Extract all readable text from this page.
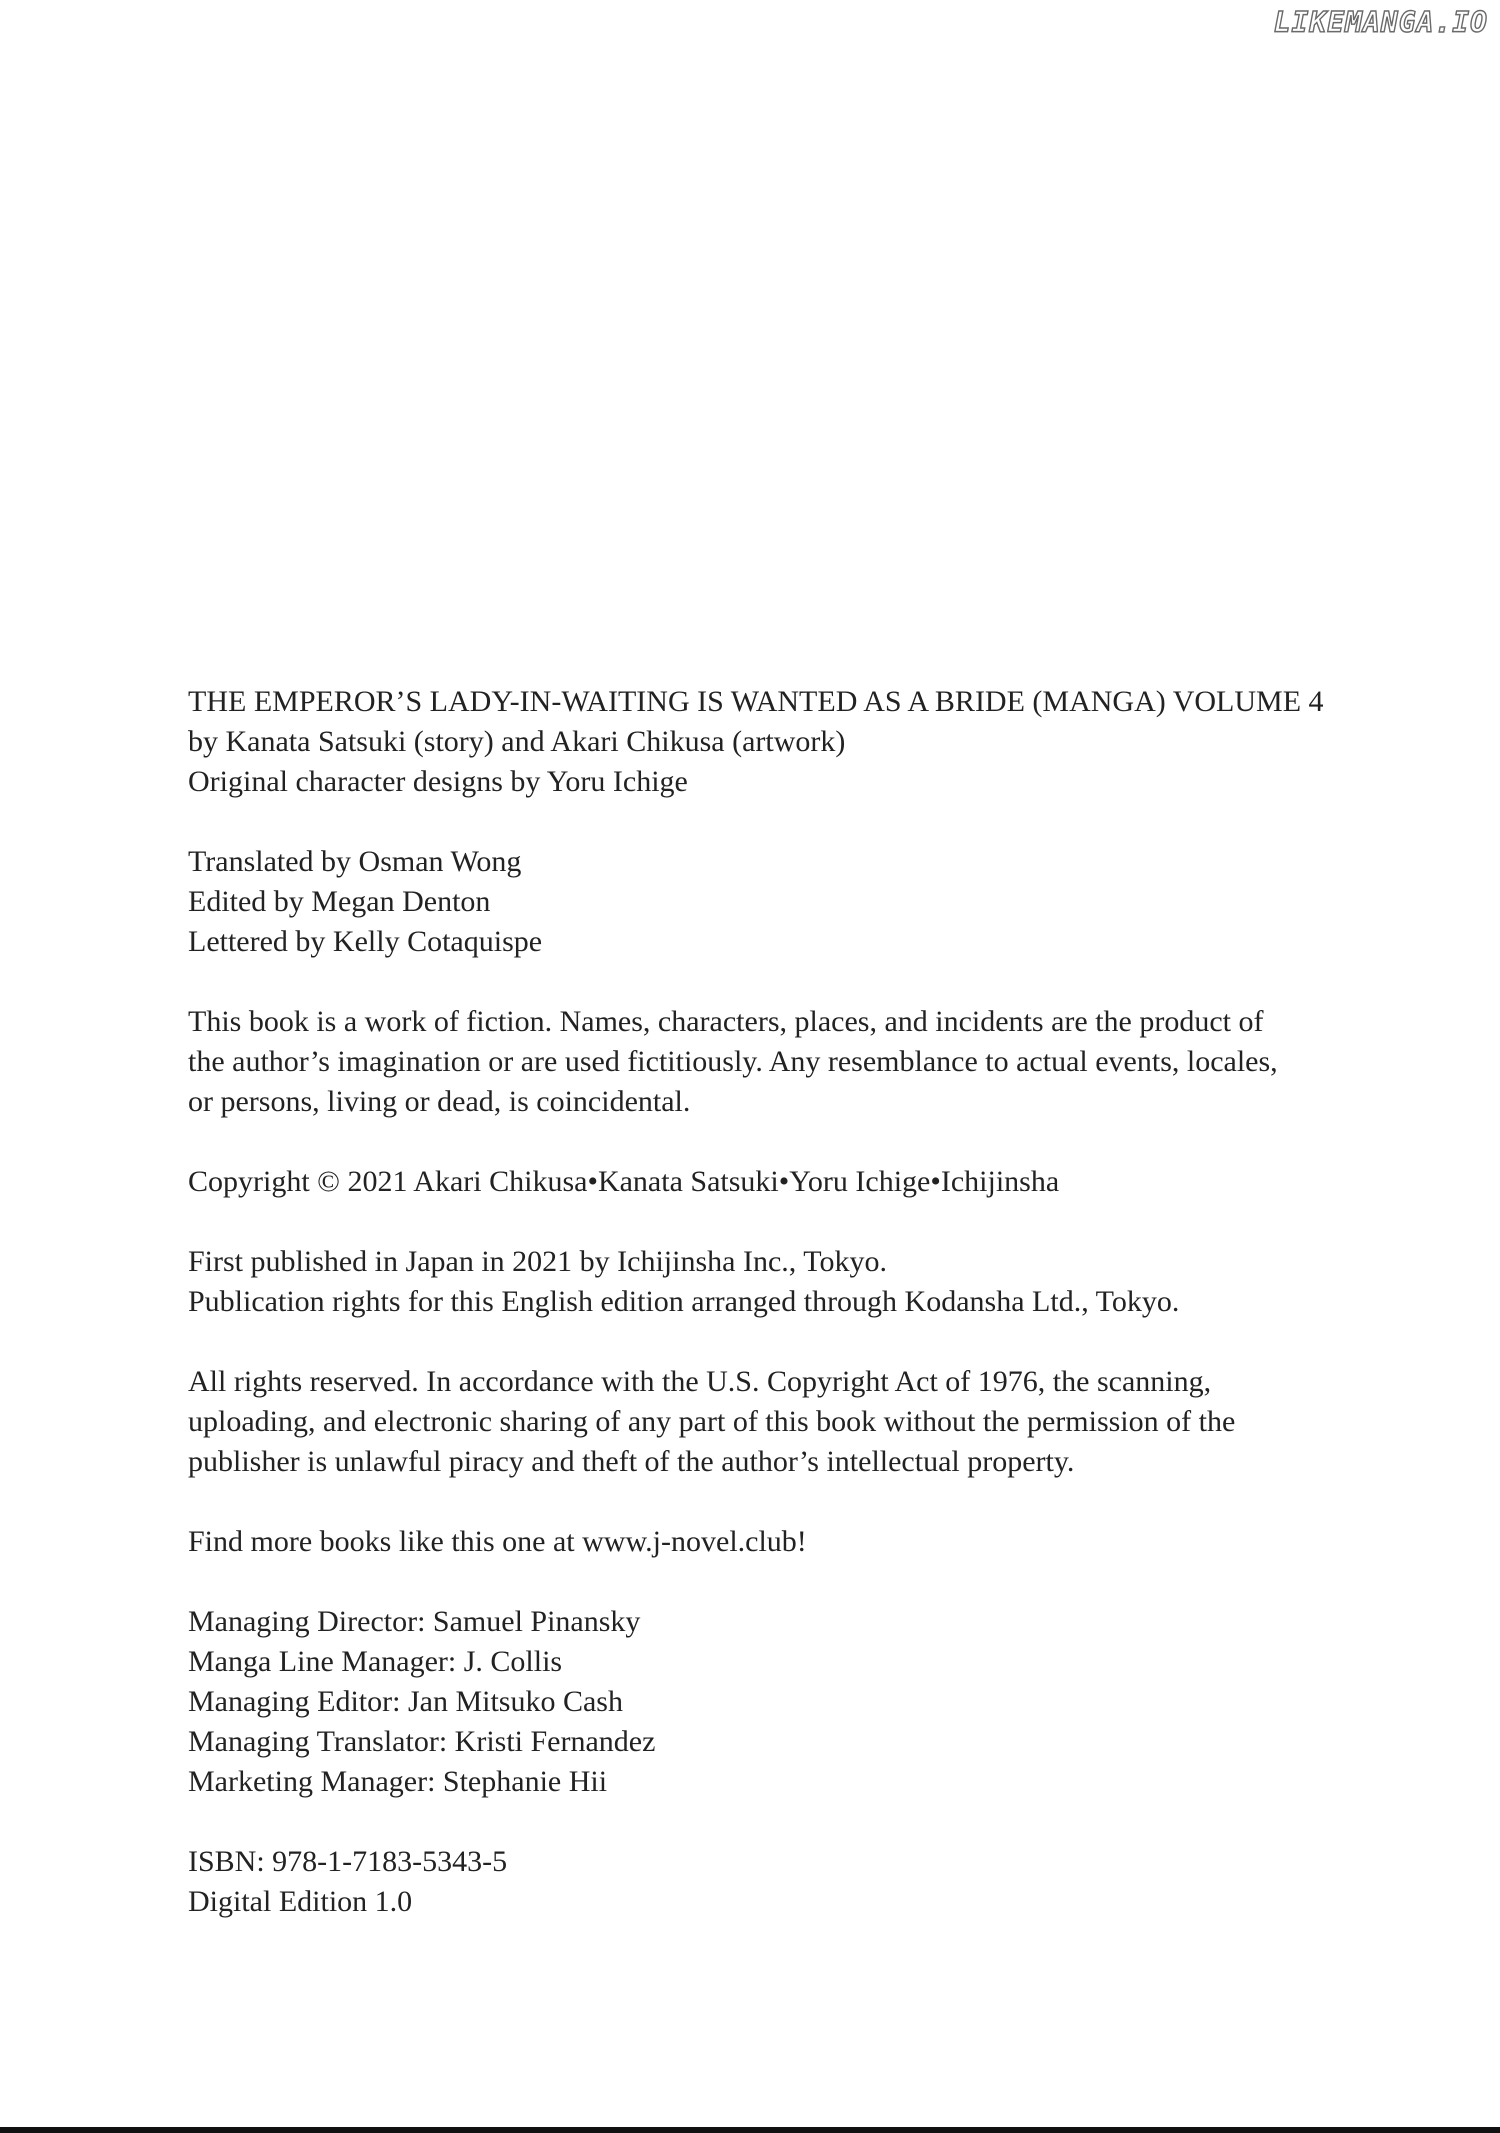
LIKEMANGA.IO
THE EMPEROR’S LADY-IN-WAITING IS WANTED AS A BRIDE (MANGA) VOLUME 4
by Kanata Satsuki (story) and Akari Chikusa (artwork)
Original character designs by Yoru Ichige
Translated by Osman Wong
Edited by Megan Denton
Lettered by Kelly Cotaquispe
This book is a work of fiction. Names, characters, places, and incidents are the product of
the author’s imagination or are used fictitiously. Any resemblance to actual events, locales,
or persons, living or dead, is coincidental.
Copyright © 2021 Akari Chikusa•Kanata Satsuki•Yoru Ichige•Ichijinsha
First published in Japan in 2021 by Ichijinsha Inc., Tokyo.
Publication rights for this English edition arranged through Kodansha Ltd., Tokyo.
All rights reserved. In accordance with the U.S. Copyright Act of 1976, the scanning,
uploading, and electronic sharing of any part of this book without the permission of the
publisher is unlawful piracy and theft of the author’s intellectual property.
Find more books like this one at www.j-novel.club!
Managing Director: Samuel Pinansky
Manga Line Manager: J. Collis
Managing Editor: Jan Mitsuko Cash
Managing Translator: Kristi Fernandez
Marketing Manager: Stephanie Hii
ISBN: 978-1-7183-5343-5
Digital Edition 1.0
